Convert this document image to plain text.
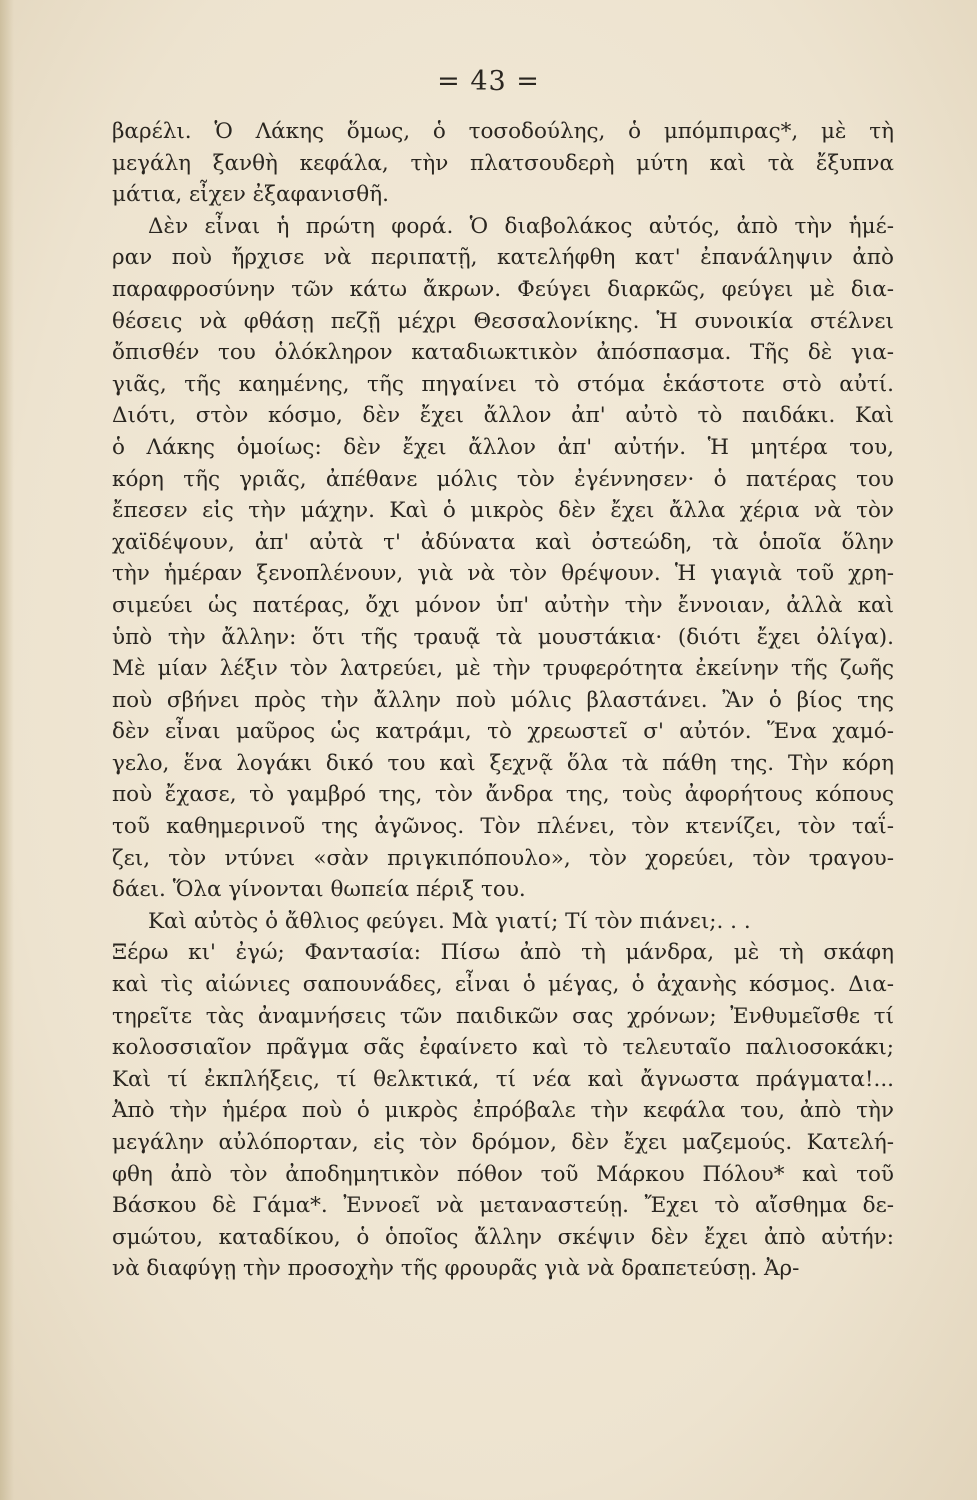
= 43 =
βαρέλι. Ὁ Λάκης ὅμως, ὁ τοσοδούλης, ὁ μπόμπιρας*, μὲ τὴ
μεγάλη ξανθὴ κεφάλα, τὴν πλατσουδερὴ μύτη καὶ τὰ ἔξυπνα
μάτια, εἶχεν ἐξαφανισθῆ.
Δὲν εἶναι ἡ πρώτη φορά. Ὁ διαβολάκος αὐτός, ἀπὸ τὴν ἡμέ-
ραν ποὺ ἤρχισε νὰ περιπατῇ, κατελήφθη κατ' ἐπανάληψιν ἀπὸ
παραφροσύνην τῶν κάτω ἄκρων. Φεύγει διαρκῶς, φεύγει μὲ δια-
θέσεις νὰ φθάσῃ πεζῇ μέχρι Θεσσαλονίκης. Ἡ συνοικία στέλνει
ὄπισθέν του ὁλόκληρον καταδιωκτικὸν ἀπόσπασμα. Τῆς δὲ για-
γιᾶς, τῆς καημένης, τῆς πηγαίνει τὸ στόμα ἑκάστοτε στὸ αὐτί.
Διότι, στὸν κόσμο, δὲν ἔχει ἄλλον ἀπ' αὐτὸ τὸ παιδάκι. Καὶ
ὁ Λάκης ὁμοίως: δὲν ἔχει ἄλλον ἀπ' αὐτήν. Ἡ μητέρα του,
κόρη τῆς γριᾶς, ἀπέθανε μόλις τὸν ἐγέννησεν· ὁ πατέρας του
ἔπεσεν εἰς τὴν μάχην. Καὶ ὁ μικρὸς δὲν ἔχει ἄλλα χέρια νὰ τὸν
χαϊδέψουν, ἀπ' αὐτὰ τ' ἀδύνατα καὶ ὀστεώδη, τὰ ὁποῖα ὅλην
τὴν ἡμέραν ξενοπλένουν, γιὰ νὰ τὸν θρέψουν. Ἡ γιαγιὰ τοῦ χρη-
σιμεύει ὡς πατέρας, ὄχι μόνον ὑπ' αὐτὴν τὴν ἔννοιαν, ἀλλὰ καὶ
ὑπὸ τὴν ἄλλην: ὅτι τῆς τραυᾷ τὰ μουστάκια· (διότι ἔχει ὀλίγα).
Μὲ μίαν λέξιν τὸν λατρεύει, μὲ τὴν τρυφερότητα ἐκείνην τῆς ζωῆς
ποὺ σβήνει πρὸς τὴν ἄλλην ποὺ μόλις βλαστάνει. Ἂν ὁ βίος της
δὲν εἶναι μαῦρος ὡς κατράμι, τὸ χρεωστεῖ σ' αὐτόν. Ἕνα χαμό-
γελο, ἕνα λογάκι δικό του καὶ ξεχνᾷ ὅλα τὰ πάθη της. Τὴν κόρη
ποὺ ἔχασε, τὸ γαμβρό της, τὸν ἄνδρα της, τοὺς ἀφορήτους κόπους
τοῦ καθημερινοῦ της ἀγῶνος. Τὸν πλένει, τὸν κτενίζει, τὸν ταΐ-
ζει, τὸν ντύνει «σὰν πριγκιπόπουλο», τὸν χορεύει, τὸν τραγου-
δάει. Ὅλα γίνονται θωπεία πέριξ του.
Καὶ αὐτὸς ὁ ἄθλιος φεύγει. Μὰ γιατί; Τί τὸν πιάνει;. . .
Ξέρω κι' ἐγώ; Φαντασία: Πίσω ἀπὸ τὴ μάνδρα, μὲ τὴ σκάφη
καὶ τὶς αἰώνιες σαπουνάδες, εἶναι ὁ μέγας, ὁ ἀχανὴς κόσμος. Δια-
τηρεῖτε τὰς ἀναμνήσεις τῶν παιδικῶν σας χρόνων; Ἐνθυμεῖσθε τί
κολοσσιαῖον πρᾶγμα σᾶς ἐφαίνετο καὶ τὸ τελευταῖο παλιοσοκάκι;
Καὶ τί ἐκπλήξεις, τί θελκτικά, τί νέα καὶ ἄγνωστα πράγματα!...
Ἀπὸ τὴν ἡμέρα ποὺ ὁ μικρὸς ἐπρόβαλε τὴν κεφάλα του, ἀπὸ τὴν
μεγάλην αὐλόπορταν, εἰς τὸν δρόμον, δὲν ἔχει μαζεμούς. Κατελή-
φθη ἀπὸ τὸν ἀποδημητικὸν πόθον τοῦ Μάρκου Πόλου* καὶ τοῦ
Βάσκου δὲ Γάμα*. Ἐννοεῖ νὰ μεταναστεύῃ. Ἔχει τὸ αἴσθημα δε-
σμώτου, καταδίκου, ὁ ὁποῖος ἄλλην σκέψιν δὲν ἔχει ἀπὸ αὐτήν:
νὰ διαφύγῃ τὴν προσοχὴν τῆς φρουρᾶς γιὰ νὰ δραπετεύσῃ. Ἀρ-
